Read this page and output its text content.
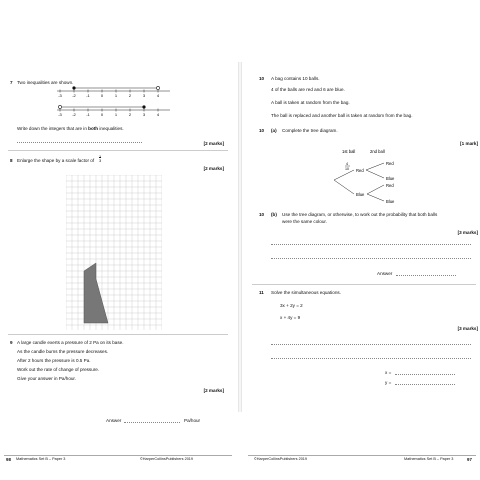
7 Two inequalities are shown.
-3	-2	-1	0	1	2	3	4
-3	-2	-1	0	1	2	3	4
Write down the integers that are in both inequalities.
[2 marks]
8 Enlarge the shape by a scale factor of
1
3
[2 marks]
9 A large candle exerts a pressure of 2 Pa on its base.
As the candle burns the pressure decreases.
After 2 hours the pressure is 0.5 Pa.
Work out the rate of change of pressure.
Give your answer in Pa/hour.
[2 marks]
Answer	Pa/hour
98 Mathematics Set B – Paper 3	©HarperCollinsPublishers 2019
10 A bag contains 10 balls.
4 of the balls are red and 6 are blue.
A ball is taken at random from the bag.
The ball is replaced and another ball is taken at random from the bag.
10 (a) Complete the tree diagram.
[1 mark]
1st ball	2nd ball
4
10 Red
Blue
Red
Blue
Red
Blue
10 (b) Use the tree diagram, or otherwise, to work out the probability that both balls
were the same colour.
[3 marks]
Answer
11 Solve the simultaneous equations.
3x + 2y = 2
x + 4y = 9
[3 marks]
x =
y =
©HarperCollinsPublishers 2019	Mathematics Set B – Paper 3	97
